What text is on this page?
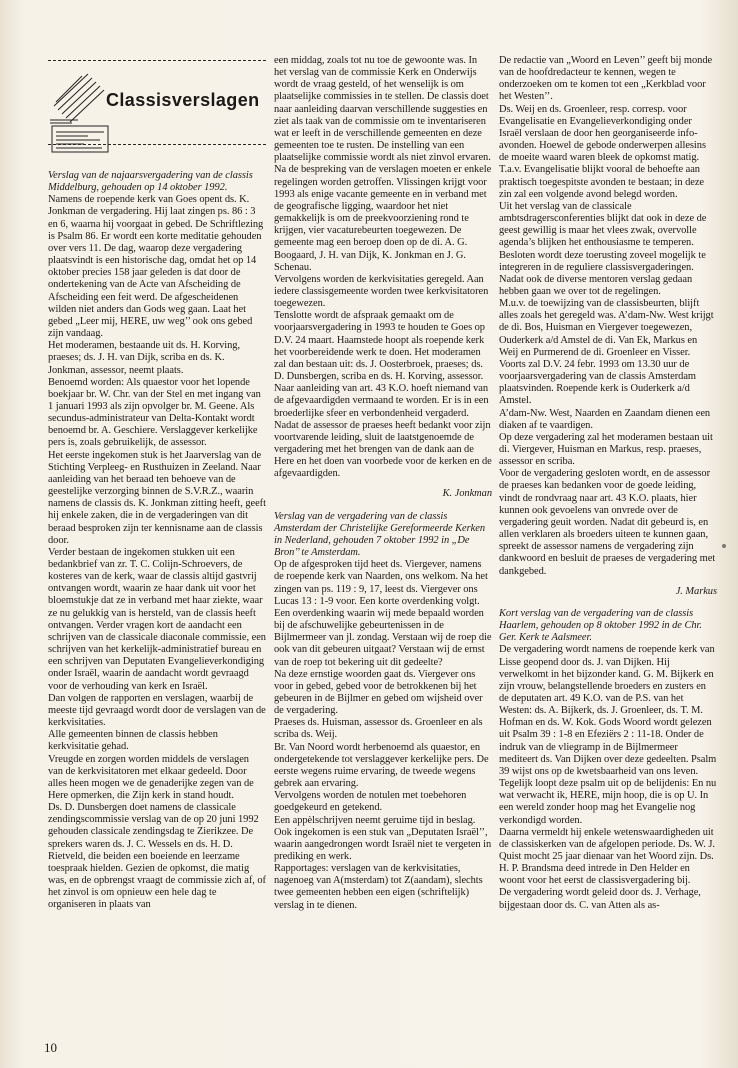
Classisverslagen

Verslag van de najaarsvergadering van de classis Middelburg, gehouden op 14 oktober 1992.

Namens de roepende kerk van Goes opent ds. K. Jonkman de vergadering. Hij laat zingen ps. 86 : 3 en 6, waarna hij voorgaat in gebed. De Schriftlezing is Psalm 86. Er wordt een korte meditatie gehouden over vers 11. De dag, waarop deze vergadering plaatsvindt is een historische dag, omdat het op 14 oktober precies 158 jaar geleden is dat door de ondertekening van de Acte van Afscheiding de Afscheiding een feit werd. De afgescheidenen wilden niet anders dan Gods weg gaan. Laat het gebed „Leer mij, HERE, uw weg’’ ook ons gebed zijn vandaag.

Het moderamen, bestaande uit ds. H. Korving, praeses; ds. J. H. van Dijk, scriba en ds. K. Jonkman, assessor, neemt plaats.

Benoemd worden: Als quaestor voor het lopende boekjaar br. W. Chr. van der Stel en met ingang van 1 januari 1993 als zijn opvolger br. M. Geene. Als secundus-administrateur van Delta-Kontakt wordt benoemd br. A. Geschiere. Verslaggever kerkelijke pers is, zoals gebruikelijk, de assessor.

Het eerste ingekomen stuk is het Jaarverslag van de Stichting Verpleeg- en Rusthuizen in Zeeland. Naar aanleiding van het beraad ten behoeve van de geestelijke verzorging binnen de S.V.R.Z., waarin namens de classis ds. K. Jonkman zitting heeft, geeft hij enkele zaken, die in de vergaderingen van dit beraad besproken zijn ter kennisname aan de classis door.

Verder bestaan de ingekomen stukken uit een bedankbrief van zr. T. C. Colijn-Schroevers, de kosteres van de kerk, waar de classis altijd gastvrij ontvangen wordt, waarin ze haar dank uit voor het bloemstukje dat ze in verband met haar ziekte, waar ze nu gelukkig van is hersteld, van de classis heeft ontvangen. Verder vragen kort de aandacht een schrijven van de classicale diaconale commissie, een schrijven van het kerkelijk-administratief bureau en een schrijven van Deputaten Evangelieverkondiging onder Israël, waarin de aandacht wordt gevraagd voor de verhouding van kerk en Israël.

Dan volgen de rapporten en verslagen, waarbij de meeste tijd gevraagd wordt door de verslagen van de kerkvisitaties.

Alle gemeenten binnen de classis hebben kerkvisitatie gehad.

Vreugde en zorgen worden middels de verslagen van de kerkvisitatoren met elkaar gedeeld. Door alles heen mogen we de genaderijke zegen van de Here opmerken, die Zijn kerk in stand houdt.

Ds. D. Dunsbergen doet namens de classicale zendingscommissie verslag van de op 20 juni 1992 gehouden classicale zendingsdag te Zierikzee. De sprekers waren ds. J. C. Wessels en ds. H. D. Rietveld, die beiden een boeiende en leerzame toespraak hielden. Gezien de opkomst, die matig was, en de opbrengst vraagt de commissie zich af, of het zinvol is om opnieuw een hele dag te organiseren in plaats van

een middag, zoals tot nu toe de gewoonte was. In het verslag van de commissie Kerk en Onderwijs wordt de vraag gesteld, of het wenselijk is om plaatselijke commissies in te stellen. De classis doet naar aanleiding daarvan verschillende suggesties en ziet als taak van de commissie om te inventariseren wat er leeft in de verschillende gemeenten en deze gemeenten toe te rusten. De instelling van een plaatselijke commissie wordt als niet zinvol ervaren.

Na de bespreking van de verslagen moeten er enkele regelingen worden getroffen. Vlissingen krijgt voor 1993 als enige vacante gemeente en in verband met de geografische ligging, waardoor het niet gemakkelijk is om de preekvoorziening rond te krijgen, vier vacaturebeurten toegewezen. De gemeente mag een beroep doen op de di. A. G. Boogaard, J. H. van Dijk, K. Jonkman en J. G. Schenau.

Vervolgens worden de kerkvisitaties geregeld. Aan iedere classisgemeente worden twee kerkvisitatoren toegewezen.

Tenslotte wordt de afspraak gemaakt om de voorjaarsvergadering in 1993 te houden te Goes op D.V. 24 maart. Haamstede hoopt als roepende kerk het voorbereidende werk te doen. Het moderamen zal dan bestaan uit: ds. J. Oosterbroek, praeses; ds. D. Dunsbergen, scriba en ds. H. Korving, assessor.

Naar aanleiding van art. 43 K.O. hoeft niemand van de afgevaardigden vermaand te worden. Er is in een broederlijke sfeer en verbondenheid vergaderd.

Nadat de assessor de praeses heeft bedankt voor zijn voortvarende leiding, sluit de laatstgenoemde de vergadering met het brengen van de dank aan de Here en het doen van voorbede voor de kerken en de afgevaardigden.

K. Jonkman

Verslag van de vergadering van de classis Amsterdam der Christelijke Gereformeerde Kerken in Nederland, gehouden 7 oktober 1992 in „De Bron’’ te Amsterdam.

Op de afgesproken tijd heet ds. Viergever, namens de roepende kerk van Naarden, ons welkom. Na het zingen van ps. 119 : 9, 17, leest ds. Viergever ons Lucas 13 : 1-9 voor. Een korte overdenking volgt. Een overdenking waarin wij mede bepaald worden bij de afschuwelijke gebeurtenissen in de Bijlmermeer van jl. zondag. Verstaan wij de roep die ook van dit gebeuren uitgaat? Verstaan wij de ernst van de roep tot bekering uit dit gedeelte?

Na deze ernstige woorden gaat ds. Viergever ons voor in gebed, gebed voor de betrokkenen bij het gebeuren in de Bijlmer en gebed om wijsheid over de vergadering.

Praeses ds. Huisman, assessor ds. Groenleer en als scriba ds. Weij.

Br. Van Noord wordt herbenoemd als quaestor, en ondergetekende tot verslaggever kerkelijke pers. De eerste wegens ruime ervaring, de tweede wegens gebrek aan ervaring.

Vervolgens worden de notulen met toebehoren goedgekeurd en getekend.

Een appèlschrijven neemt geruime tijd in beslag.

Ook ingekomen is een stuk van „Deputaten Israël’’, waarin aangedrongen wordt Israël niet te vergeten in prediking en werk.

Rapportages: verslagen van de kerkvisitaties, nagenoeg van A(msterdam) tot Z(aandam), slechts twee gemeenten hebben een eigen (schriftelijk) verslag in te dienen.

De redactie van „Woord en Leven’’ geeft bij monde van de hoofdredacteur te kennen, wegen te onderzoeken om te komen tot een „Kerkblad voor het Westen’’.

Ds. Weij en ds. Groenleer, resp. corresp. voor Evangelisatie en Evangelieverkondiging onder Israël verslaan de door hen georganiseerde info-avonden. Hoewel de gebode onderwerpen allesins de moeite waard waren bleek de opkomst matig. T.a.v. Evangelisatie blijkt vooral de behoefte aan praktisch toegespitste avonden te bestaan; in deze zin zal een volgende avond belegd worden.

Uit het verslag van de classicale ambtsdragersconferenties blijkt dat ook in deze de geest gewillig is maar het vlees zwak, overvolle agenda’s blijken het enthousiasme te temperen. Besloten wordt deze toerusting zoveel mogelijk te integreren in de reguliere classisvergaderingen.

Nadat ook de diverse mentoren verslag gedaan hebben gaan we over tot de regelingen.

M.u.v. de toewijzing van de classisbeurten, blijft alles zoals het geregeld was. A’dam-Nw. West krijgt de di. Bos, Huisman en Viergever toegewezen, Ouderkerk a/d Amstel de di. Van Ek, Markus en Weij en Purmerend de di. Groenleer en Visser.

Voorts zal D.V. 24 febr. 1993 om 13.30 uur de voorjaarsvergadering van de classis Amsterdam plaatsvinden. Roepende kerk is Ouderkerk a/d Amstel.

A’dam-Nw. West, Naarden en Zaandam dienen een diaken af te vaardigen.

Op deze vergadering zal het moderamen bestaan uit di. Viergever, Huisman en Markus, resp. praeses, assessor en scriba.

Voor de vergadering gesloten wordt, en de assessor de praeses kan bedanken voor de goede leiding, vindt de rondvraag naar art. 43 K.O. plaats, hier kunnen ook gevoelens van onvrede over de vergadering geuit worden. Nadat dit gebeurd is, en allen verklaren als broeders uiteen te kunnen gaan, spreekt de assessor namens de vergadering zijn dankwoord en besluit de praeses de vergadering met dankgebed.

J. Markus

Kort verslag van de vergadering van de classis Haarlem, gehouden op 8 oktober 1992 in de Chr. Ger. Kerk te Aalsmeer.

De vergadering wordt namens de roepende kerk van Lisse geopend door ds. J. van Dijken. Hij verwelkomt in het bijzonder kand. G. M. Bijkerk en zijn vrouw, belangstellende broeders en zusters en de deputaten art. 49 K.O. van de P.S. van het Westen: ds. A. Bijkerk, ds. J. Groenleer, ds. T. M. Hofman en ds. W. Kok. Gods Woord wordt gelezen uit Psalm 39 : 1-8 en Efeziërs 2 : 11-18. Onder de indruk van de vliegramp in de Bijlmermeer mediteert ds. Van Dijken over deze gedeelten. Psalm 39 wijst ons op de kwetsbaarheid van ons leven. Tegelijk loopt deze psalm uit op de belijdenis: En nu wat verwacht ik, HERE, mijn hoop, die is op U. In een wereld zonder hoop mag het Evangelie nog verkondigd worden.

Daarna vermeldt hij enkele wetenswaardigheden uit de classiskerken van de afgelopen periode. Ds. W. J. Quist mocht 25 jaar dienaar van het Woord zijn. Ds. H. P. Brandsma deed intrede in Den Helder en woont voor het eerst de classisvergadering bij.

De vergadering wordt geleid door ds. J. Verhage, bijgestaan door ds. C. van Atten als as-

10
